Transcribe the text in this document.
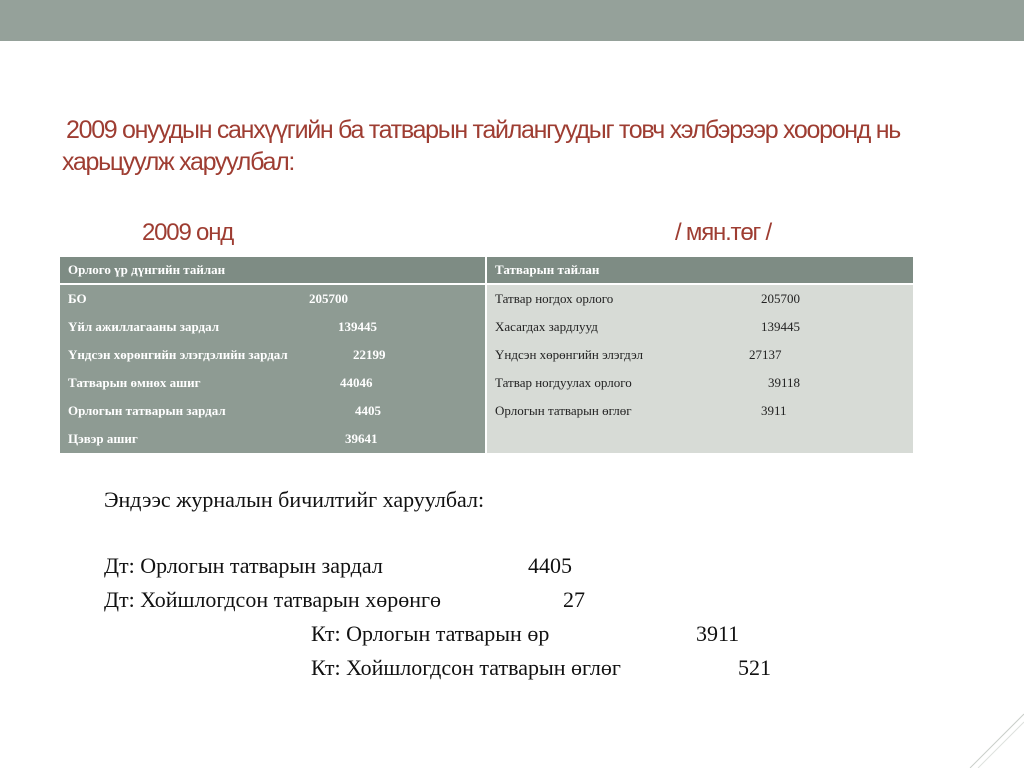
2009 онуудын санхүүгийн ба татварын тайлангуудыг товч хэлбэрээр хооронд нь
харьцуулж харуулбал:
2009 онд	/ мян.төг /
Орлого үр дүнгийн тайлан
БО	205700
Үйл ажиллагааны зардал	139445
Үндсэн хөрөнгийн элэгдэлийн зардал	22199
Татварын өмнөх ашиг	44046
Орлогын татварын зардал	4405
Цэвэр ашиг	39641
Татварын тайлан
Татвар ногдох орлого	205700
Хасагдах зардлууд	139445
Үндсэн хөрөнгийн элэгдэл	27137
Татвар ногдуулах орлого	39118
Орлогын татварын өглөг	3911
Эндээс журналын бичилтийг харуулбал:
Дт: Орлогын татварын зардал	4405
Дт: Хойшлогдсон татварын хөрөнгө	27
Кт: Орлогын татварын өр	3911
Кт: Хойшлогдсон татварын өглөг	521
